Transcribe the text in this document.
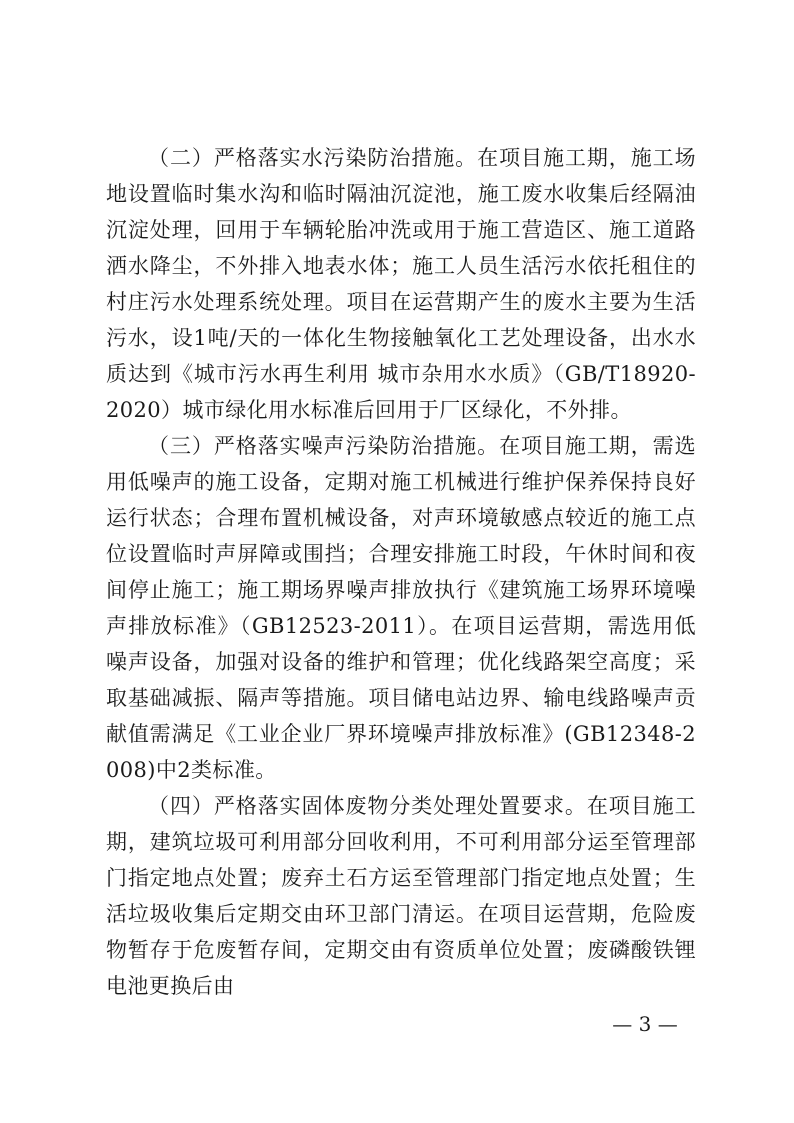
（二）严格落实水污染防治措施。在项目施工期，施工场地设置临时集水沟和临时隔油沉淀池，施工废水收集后经隔油沉淀处理，回用于车辆轮胎冲洗或用于施工营造区、施工道路洒水降尘，不外排入地表水体；施工人员生活污水依托租住的村庄污水处理系统处理。项目在运营期产生的废水主要为生活污水，设1吨/天的一体化生物接触氧化工艺处理设备，出水水质达到《城市污水再生利用 城市杂用水水质》（GB/T18920-2020）城市绿化用水标准后回用于厂区绿化，不外排。

（三）严格落实噪声污染防治措施。在项目施工期，需选用低噪声的施工设备，定期对施工机械进行维护保养保持良好运行状态；合理布置机械设备，对声环境敏感点较近的施工点位设置临时声屏障或围挡；合理安排施工时段，午休时间和夜间停止施工；施工期场界噪声排放执行《建筑施工场界环境噪声排放标准》（GB12523-2011）。在项目运营期，需选用低噪声设备，加强对设备的维护和管理；优化线路架空高度；采取基础减振、隔声等措施。项目储电站边界、输电线路噪声贡献值需满足《工业企业厂界环境噪声排放标准》(GB12348-2008)中2类标准。

（四）严格落实固体废物分类处理处置要求。在项目施工期，建筑垃圾可利用部分回收利用，不可利用部分运至管理部门指定地点处置；废弃土石方运至管理部门指定地点处置；生活垃圾收集后定期交由环卫部门清运。在项目运营期，危险废物暂存于危废暂存间，定期交由有资质单位处置；废磷酸铁锂电池更换后由

— 3 —
